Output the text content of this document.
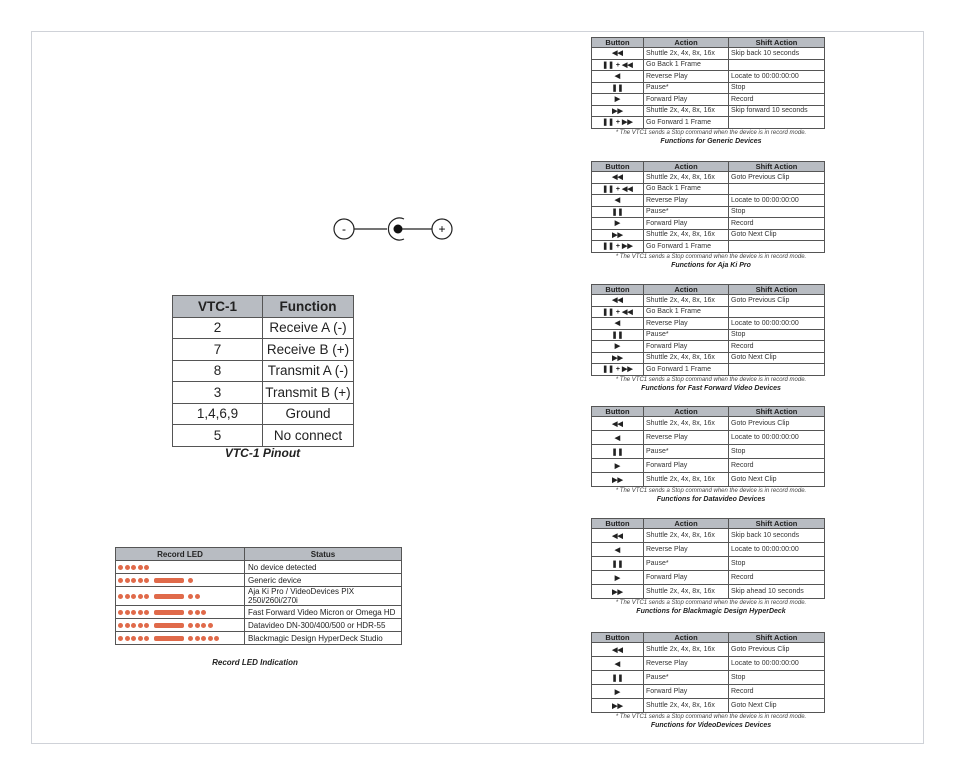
-	+
VTC-1	Function
2	Receive A (-)
7	Receive B (+)
8	Transmit A (-)
3	Transmit B (+)
1,4,6,9	Ground
5	No connect
VTC-1 Pinout
Record LED	Status

	No device detected

	Generic device

	Aja Ki Pro / VideoDevices PIX 250i/260i/270i

	Fast Forward Video Micron or Omega HD

	Datavideo DN-300/400/500 or HDR-55

	Blackmagic Design HyperDeck Studio
Record LED Indication
Button	Action	Shift Action
◀◀	Shuttle 2x, 4x, 8x, 16x	Skip back 10 seconds
❚❚ + ◀◀	Go Back 1 Frame	
◀	Reverse Play	Locate to 00:00:00:00
❚❚	Pause*	Stop
▶	Forward Play	Record
▶▶	Shuttle 2x, 4x, 8x, 16x	Skip forward 10 seconds
❚❚ + ▶▶	Go Forward 1 Frame	
* The VTC1 sends a Stop command when the device is in record mode.
Functions for Generic Devices
Button	Action	Shift Action
◀◀	Shuttle 2x, 4x, 8x, 16x	Goto Previous Clip
❚❚ + ◀◀	Go Back 1 Frame	
◀	Reverse Play	Locate to 00:00:00:00
❚❚	Pause*	Stop
▶	Forward Play	Record
▶▶	Shuttle 2x, 4x, 8x, 16x	Goto Next Clip
❚❚ + ▶▶	Go Forward 1 Frame	
* The VTC1 sends a Stop command when the device is in record mode.
Functions for Aja Ki Pro
Button	Action	Shift Action
◀◀	Shuttle 2x, 4x, 8x, 16x	Goto Previous Clip
❚❚ + ◀◀	Go Back 1 Frame	
◀	Reverse Play	Locate to 00:00:00:00
❚❚	Pause*	Stop
▶	Forward Play	Record
▶▶	Shuttle 2x, 4x, 8x, 16x	Goto Next Clip
❚❚ + ▶▶	Go Forward 1 Frame	
* The VTC1 sends a Stop command when the device is in record mode.
Functions for Fast Forward Video Devices
Button	Action	Shift Action
◀◀	Shuttle 2x, 4x, 8x, 16x	Goto Previous Clip
◀	Reverse Play	Locate to 00:00:00:00
❚❚	Pause*	Stop
▶	Forward Play	Record
▶▶	Shuttle 2x, 4x, 8x, 16x	Goto Next Clip
* The VTC1 sends a Stop command when the device is in record mode.
Functions for Datavideo Devices
Button	Action	Shift Action
◀◀	Shuttle 2x, 4x, 8x, 16x	Skip back 10 seconds
◀	Reverse Play	Locate to 00:00:00:00
❚❚	Pause*	Stop
▶	Forward Play	Record
▶▶	Shuttle 2x, 4x, 8x, 16x	Skip ahead 10 seconds
* The VTC1 sends a Stop command when the device is in record mode.
Functions for Blackmagic Design HyperDeck
Button	Action	Shift Action
◀◀	Shuttle 2x, 4x, 8x, 16x	Goto Previous Clip
◀	Reverse Play	Locate to 00:00:00:00
❚❚	Pause*	Stop
▶	Forward Play	Record
▶▶	Shuttle 2x, 4x, 8x, 16x	Goto Next Clip
* The VTC1 sends a Stop command when the device is in record mode.
Functions for VideoDevices Devices
